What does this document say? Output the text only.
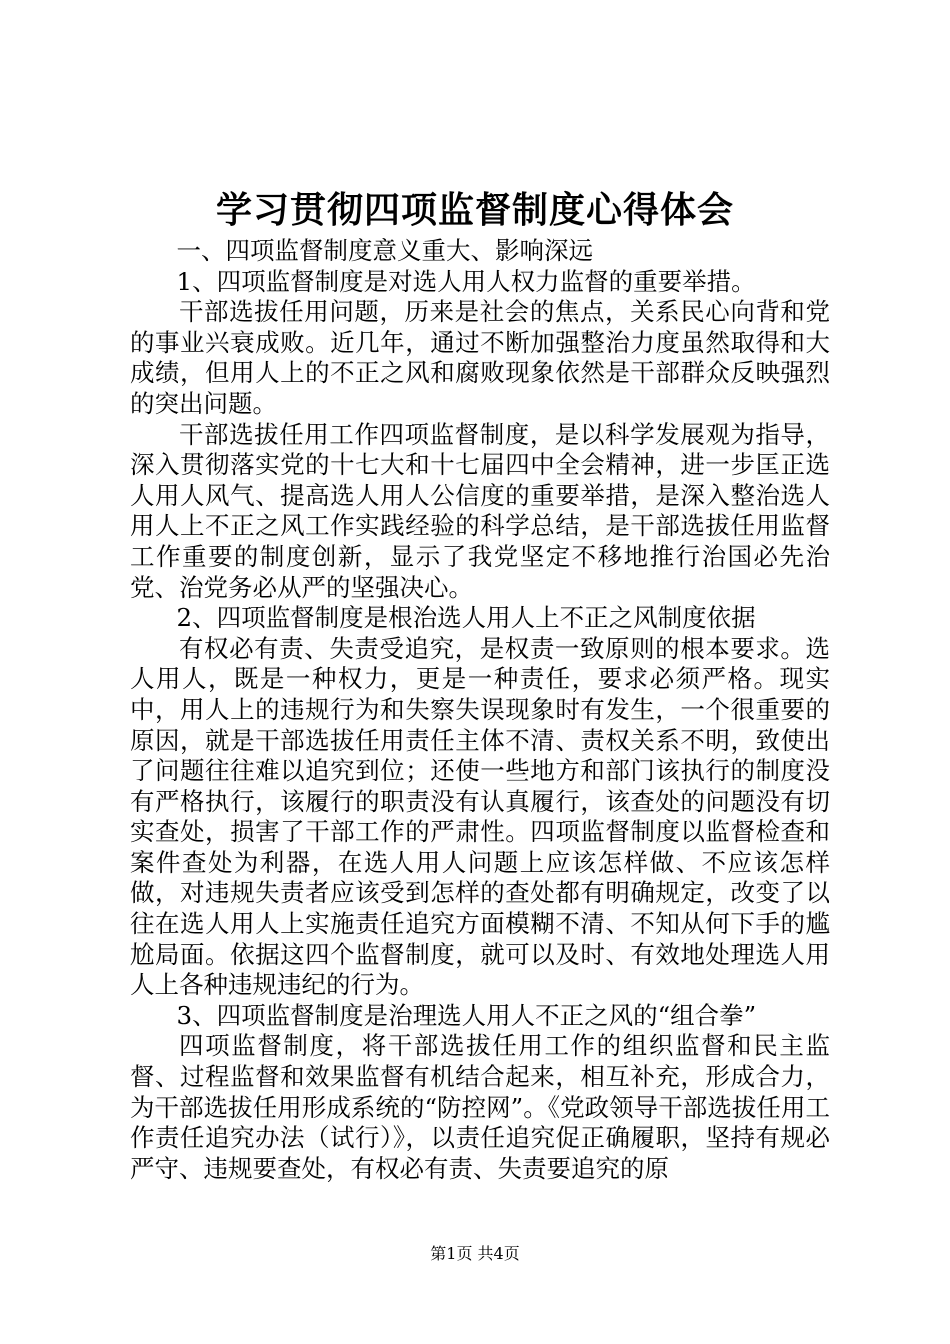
学习贯彻四项监督制度心得体会

一、四项监督制度意义重大、影响深远

1、四项监督制度是对选人用人权力监督的重要举措。

干部选拔任用问题，历来是社会的焦点，关系民心向背和党的事业兴衰成败。近几年，通过不断加强整治力度虽然取得和大成绩，但用人上的不正之风和腐败现象依然是干部群众反映强烈的突出问题。

干部选拔任用工作四项监督制度，是以科学发展观为指导，深入贯彻落实党的十七大和十七届四中全会精神，进一步匡正选人用人风气、提高选人用人公信度的重要举措，是深入整治选人用人上不正之风工作实践经验的科学总结，是干部选拔任用监督工作重要的制度创新，显示了我党坚定不移地推行治国必先治党、治党务必从严的坚强决心。

2、四项监督制度是根治选人用人上不正之风制度依据

有权必有责、失责受追究，是权责一致原则的根本要求。选人用人，既是一种权力，更是一种责任，要求必须严格。现实中，用人上的违规行为和失察失误现象时有发生，一个很重要的原因，就是干部选拔任用责任主体不清、责权关系不明，致使出了问题往往难以追究到位；还使一些地方和部门该执行的制度没有严格执行，该履行的职责没有认真履行，该查处的问题没有切实查处，损害了干部工作的严肃性。四项监督制度以监督检查和案件查处为利器，在选人用人问题上应该怎样做、不应该怎样做，对违规失责者应该受到怎样的查处都有明确规定，改变了以往在选人用人上实施责任追究方面模糊不清、不知从何下手的尴尬局面。依据这四个监督制度，就可以及时、有效地处理选人用人上各种违规违纪的行为。

3、四项监督制度是治理选人用人不正之风的“组合拳”

四项监督制度，将干部选拔任用工作的组织监督和民主监督、过程监督和效果监督有机结合起来，相互补充，形成合力，为干部选拔任用形成系统的“防控网”。《党政领导干部选拔任用工作责任追究办法（试行）》，以责任追究促正确履职，坚持有规必严守、违规要查处，有权必有责、失责要追究的原

第1页 共4页
